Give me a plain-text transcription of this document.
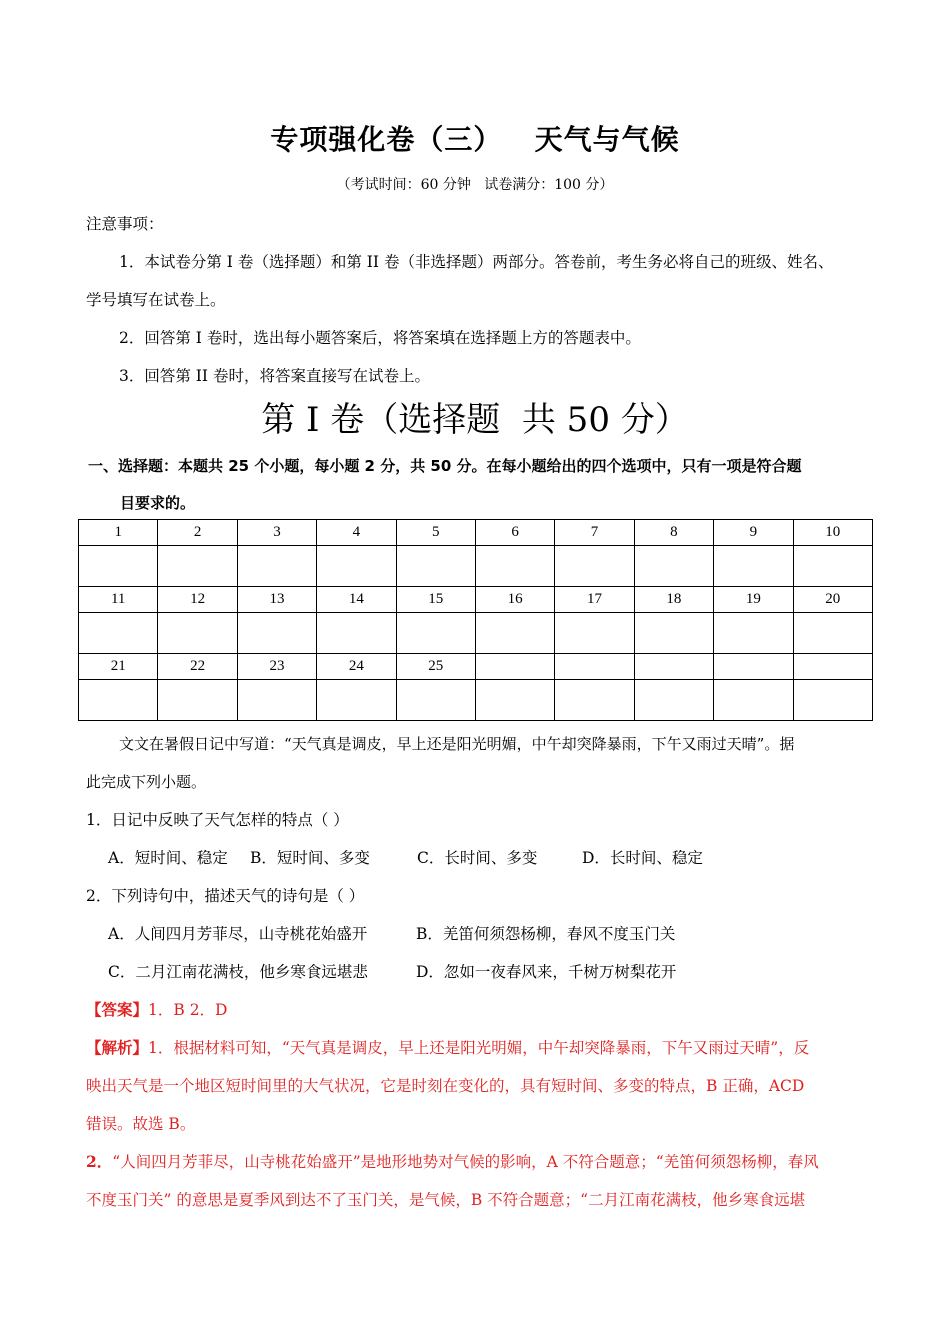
专项强化卷（三）   天气与气候
（考试时间：60 分钟   试卷满分：100 分）
注意事项：
1．本试卷分第 I 卷（选择题）和第 II 卷（非选择题）两部分。答卷前，考生务必将自己的班级、姓名、
学号填写在试卷上。
2．回答第 I 卷时，选出每小题答案后，将答案填在选择题上方的答题表中。
3．回答第 II 卷时，将答案直接写在试卷上。
第 I 卷（选择题  共 50 分）
一、选择题：本题共 25 个小题，每小题 2 分，共 50 分。在每小题给出的四个选项中，只有一项是符合题
目要求的。
1	2	3	4	5	6	7	8	9	10

11	12	13	14	15	16	17	18	19	20

21	22	23	24	25					

文文在暑假日记中写道：“天气真是调皮，早上还是阳光明媚，中午却突降暴雨，下午又雨过天晴”。据
此完成下列小题。
1．日记中反映了天气怎样的特点（ ）
A．短时间、稳定 B．短时间、多变	C．长时间、多变	D．长时间、稳定
2．下列诗句中，描述天气的诗句是（ ）
A．人间四月芳菲尽，山寺桃花始盛开	B．羌笛何须怨杨柳，春风不度玉门关
C．二月江南花满枝，他乡寒食远堪悲	D．忽如一夜春风来，千树万树梨花开
【答案】1．B 2．D
【解析】1．根据材料可知，“天气真是调皮，早上还是阳光明媚，中午却突降暴雨，下午又雨过天晴”，反
映出天气是一个地区短时间里的大气状况，它是时刻在变化的，具有短时间、多变的特点，B 正确，ACD
错误。故选 B。
2．“人间四月芳菲尽，山寺桃花始盛开”是地形地势对气候的影响，A 不符合题意；“羌笛何须怨杨柳，春风
不度玉门关” 的意思是夏季风到达不了玉门关，是气候，B 不符合题意；“二月江南花满枝，他乡寒食远堪
